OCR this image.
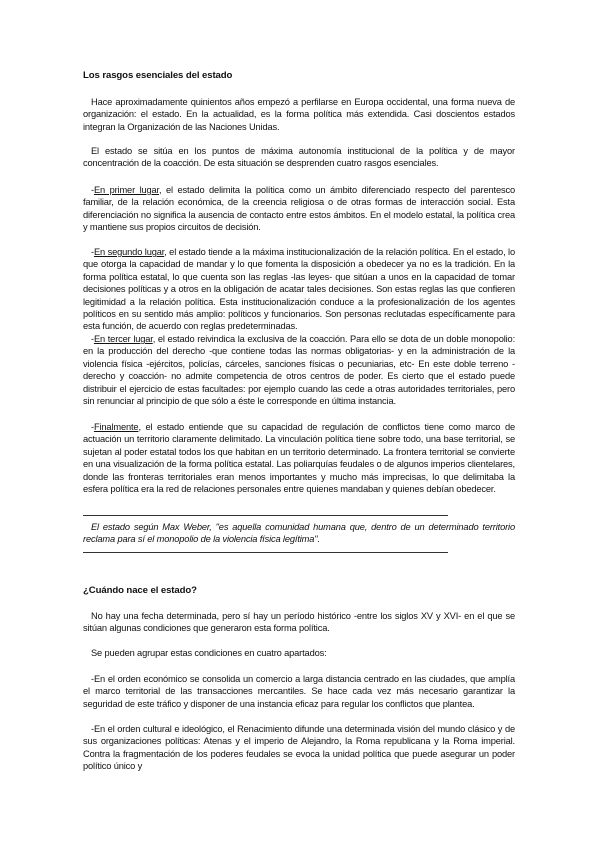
Los rasgos esenciales del estado
Hace aproximadamente quinientos años empezó a perfilarse en Europa occidental, una forma nueva de organización: el estado. En la actualidad, es la forma política más extendida. Casi doscientos estados integran la Organización de las Naciones Unidas.
El estado se sitúa en los puntos de máxima autonomía institucional de la política y de mayor concentración de la coacción. De esta situación se desprenden cuatro rasgos esenciales.
-En primer lugar, el estado delimita la política como un ámbito diferenciado respecto del parentesco familiar, de la relación económica, de la creencia religiosa o de otras formas de interacción social. Esta diferenciación no significa la ausencia de contacto entre estos ámbitos. En el modelo estatal, la política crea y mantiene sus propios circuitos de decisión.
-En segundo lugar, el estado tiende a la máxima institucionalización de la relación política. En el estado, lo que otorga la capacidad de mandar y lo que fomenta la disposición a obedecer ya no es la tradición. En la forma política estatal, lo que cuenta son las reglas -las leyes- que sitúan a unos en la capacidad de tomar decisiones políticas y a otros en la obligación de acatar tales decisiones. Son estas reglas las que confieren legitimidad a la relación política. Esta institucionalización conduce a la profesionalización de los agentes políticos en su sentido más amplio: políticos y funcionarios. Son personas reclutadas específicamente para esta función, de acuerdo con reglas predeterminadas.
-En tercer lugar, el estado reivindica la exclusiva de la coacción. Para ello se dota de un doble monopolio: en la producción del derecho -que contiene todas las normas obligatorias- y en la administración de la violencia física -ejércitos, policías, cárceles, sanciones físicas o pecuniarias, etc- En este doble terreno -derecho y coacción- no admite competencia de otros centros de poder. Es cierto que el estado puede distribuir el ejercicio de estas facultades: por ejemplo cuando las cede a otras autoridades territoriales, pero sin renunciar al principio de que sólo a éste le corresponde en última instancia.
-Finalmente, el estado entiende que su capacidad de regulación de conflictos tiene como marco de actuación un territorio claramente delimitado. La vinculación política tiene sobre todo, una base territorial, se sujetan al poder estatal todos los que habitan en un territorio determinado. La frontera territorial se convierte en una visualización de la forma política estatal. Las poliarquías feudales o de algunos imperios clientelares, donde las fronteras territoriales eran menos importantes y mucho más imprecisas, lo que delimitaba la esfera política era la red de relaciones personales entre quienes mandaban y quienes debían obedecer.
El estado según Max Weber, "es aquella comunidad humana que, dentro de un determinado territorio reclama para sí el monopolio de la violencia física legítima".
¿Cuándo nace el estado?
No hay una fecha determinada, pero sí hay un período histórico -entre los siglos XV y XVI- en el que se sitúan algunas condiciones que generaron esta forma política.
Se pueden agrupar estas condiciones en cuatro apartados:
-En el orden económico se consolida un comercio a larga distancia centrado en las ciudades, que amplía el marco territorial de las transacciones mercantiles. Se hace cada vez más necesario garantizar la seguridad de este tráfico y disponer de una instancia eficaz para regular los conflictos que plantea.
-En el orden cultural e ideológico, el Renacimiento difunde una determinada visión del mundo clásico y de sus organizaciones políticas: Atenas y el imperio de Alejandro, la Roma republicana y la Roma imperial. Contra la fragmentación de los poderes feudales se evoca la unidad política que puede asegurar un poder político único y
